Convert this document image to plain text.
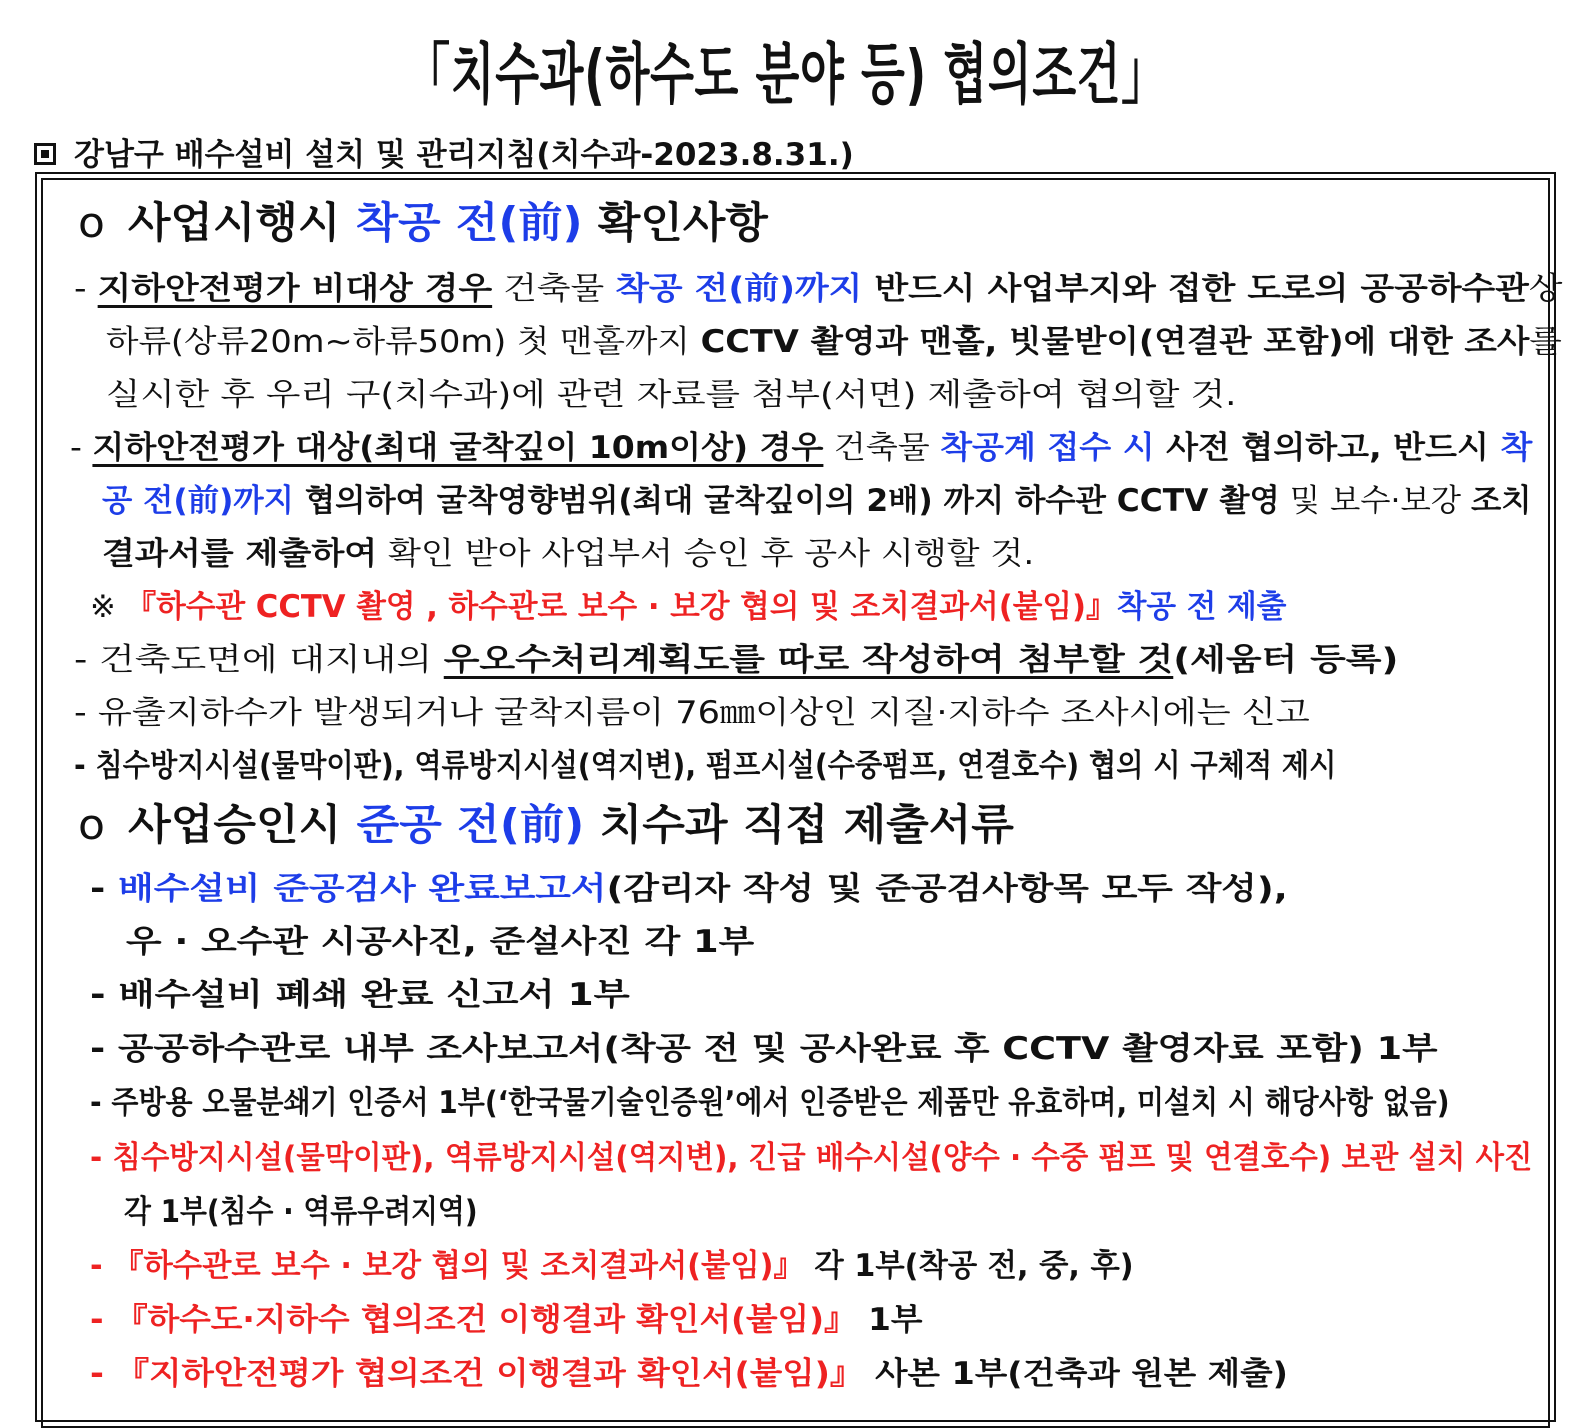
「치수과(하수도 분야 등) 협의조건」
강남구 배수설비 설치 및 관리지침(치수과-2023.8.31.)
o 사업시행시 착공 전(前) 확인사항
- 지하안전평가 비대상 경우 건축물 착공 전(前)까지 반드시 사업부지와 접한 도로의 공공하수관상
하류(상류20m~하류50m) 첫 맨홀까지 CCTV 촬영과 맨홀, 빗물받이(연결관 포함)에 대한 조사를
실시한 후 우리 구(치수과)에 관련 자료를 첨부(서면) 제출하여 협의할 것.
- 지하안전평가 대상(최대 굴착깊이 10m이상) 경우 건축물 착공계 접수 시 사전 협의하고, 반드시 착
공 전(前)까지 협의하여 굴착영향범위(최대 굴착깊이의 2배) 까지 하수관 CCTV 촬영 및 보수·보강 조치
결과서를 제출하여 확인 받아 사업부서 승인 후 공사 시행할 것.
※ 『하수관 CCTV 촬영 , 하수관로 보수 · 보강 협의 및 조치결과서(붙임)』착공 전 제출
- 건축도면에 대지내의 우오수처리계획도를 따로 작성하여 첨부할 것(세움터 등록)
- 유출지하수가 발생되거나 굴착지름이 76㎜이상인 지질·지하수 조사시에는 신고
- 침수방지시설(물막이판), 역류방지시설(역지변), 펌프시설(수중펌프, 연결호수) 협의 시 구체적 제시
o 사업승인시 준공 전(前) 치수과 직접 제출서류
- 배수설비 준공검사 완료보고서(감리자 작성 및 준공검사항목 모두 작성),
우 · 오수관 시공사진, 준설사진 각 1부
- 배수설비 폐쇄 완료 신고서 1부
- 공공하수관로 내부 조사보고서(착공 전 및 공사완료 후 CCTV 촬영자료 포함) 1부
- 주방용 오물분쇄기 인증서 1부(‘한국물기술인증원’에서 인증받은 제품만 유효하며, 미설치 시 해당사항 없음)
- 침수방지시설(물막이판), 역류방지시설(역지변), 긴급 배수시설(양수 · 수중 펌프 및 연결호수) 보관 설치 사진
각 1부(침수 · 역류우려지역)
- 『하수관로 보수 · 보강 협의 및 조치결과서(붙임)』 각 1부(착공 전, 중, 후)
- 『하수도·지하수 협의조건 이행결과 확인서(붙임)』 1부
- 『지하안전평가 협의조건 이행결과 확인서(붙임)』 사본 1부(건축과 원본 제출)
